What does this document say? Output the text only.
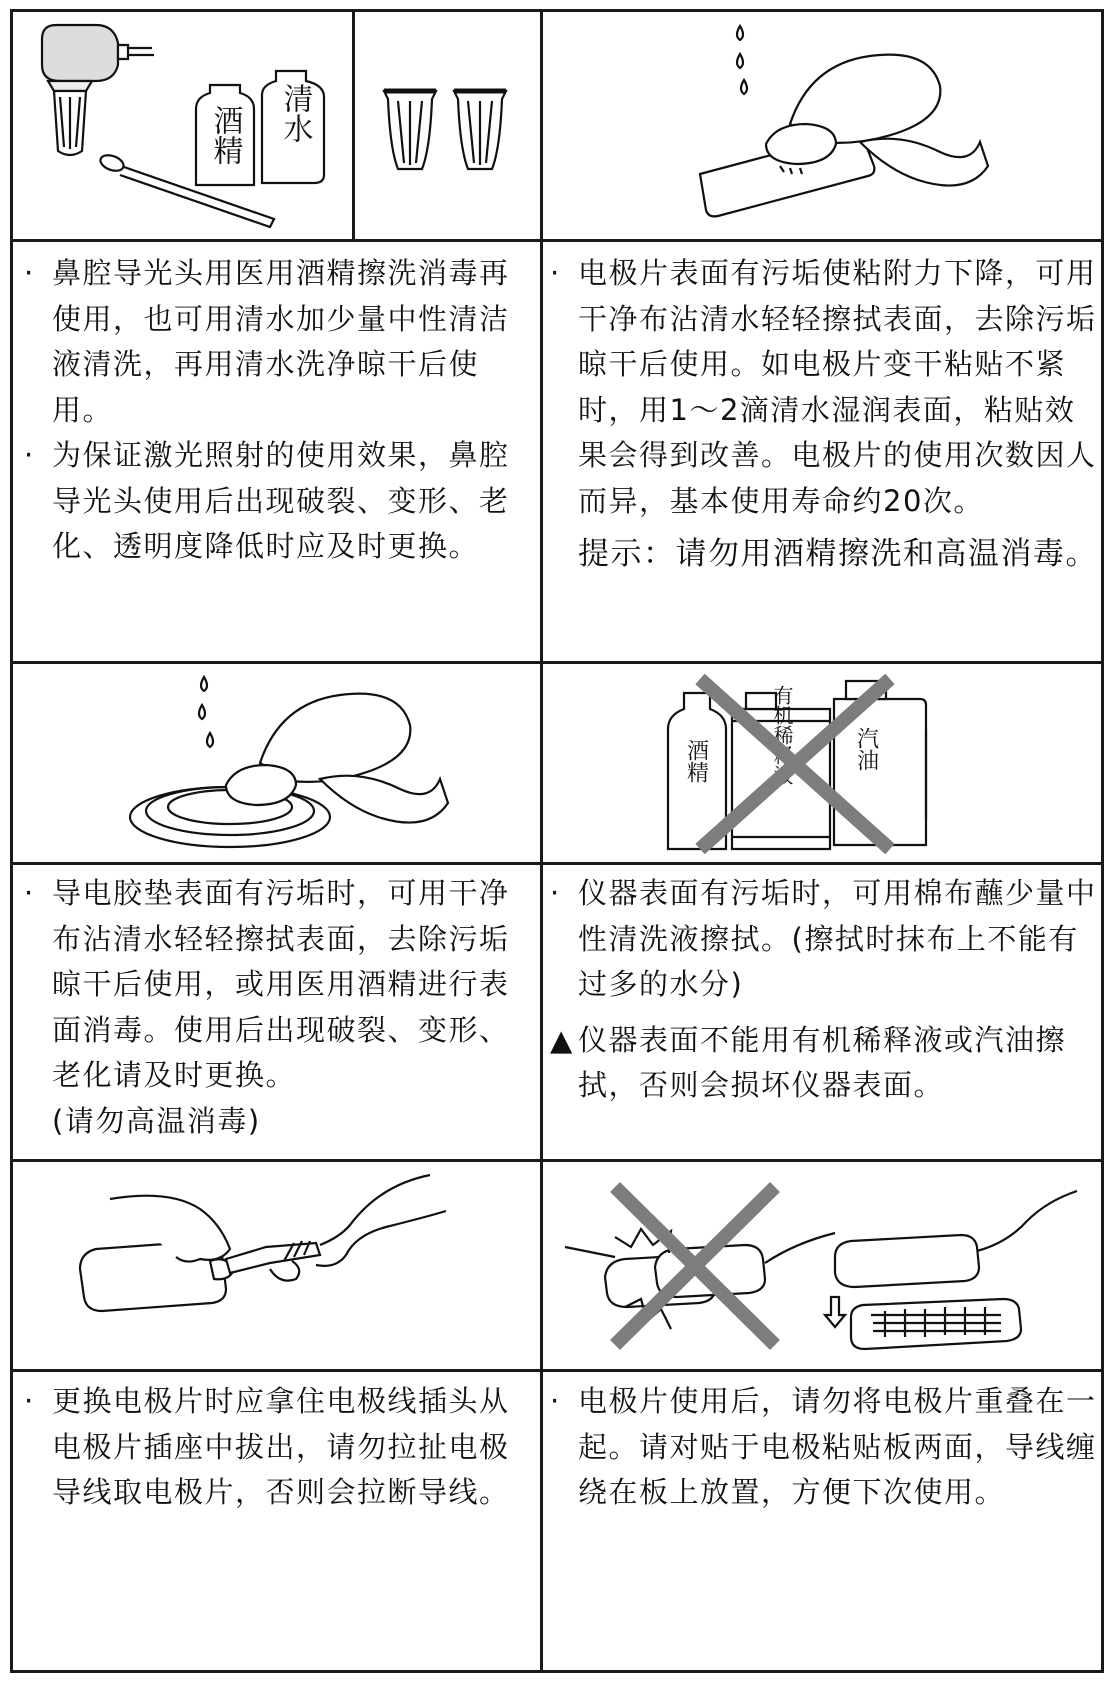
酒精 清水
· 鼻腔导光头用医用酒精擦洗消毒再使用，也可用清水加少量中性清洁液清洗，再用清水洗净晾干后使用。
· 为保证激光照射的使用效果，鼻腔导光头使用后出现破裂、变形、老化、透明度降低时应及时更换。
· 电极片表面有污垢使粘附力下降，可用干净布沾清水轻轻擦拭表面，去除污垢晾干后使用。如电极片变干粘贴不紧时，用1～2滴清水湿润表面，粘贴效果会得到改善。电极片的使用次数因人而异，基本使用寿命约20次。
提示：请勿用酒精擦洗和高温消毒。
酒精	有机稀释液	汽油
· 导电胶垫表面有污垢时，可用干净布沾清水轻轻擦拭表面，去除污垢晾干后使用，或用医用酒精进行表面消毒。使用后出现破裂、变形、老化请及时更换。
(请勿高温消毒)
· 仪器表面有污垢时，可用棉布蘸少量中性清洗液擦拭。(擦拭时抹布上不能有过多的水分)
▲ 仪器表面不能用有机稀释液或汽油擦拭，否则会损坏仪器表面。
· 更换电极片时应拿住电极线插头从电极片插座中拔出，请勿拉扯电极导线取电极片，否则会拉断导线。
· 电极片使用后，请勿将电极片重叠在一起。请对贴于电极粘贴板两面，导线缠绕在板上放置，方便下次使用。
